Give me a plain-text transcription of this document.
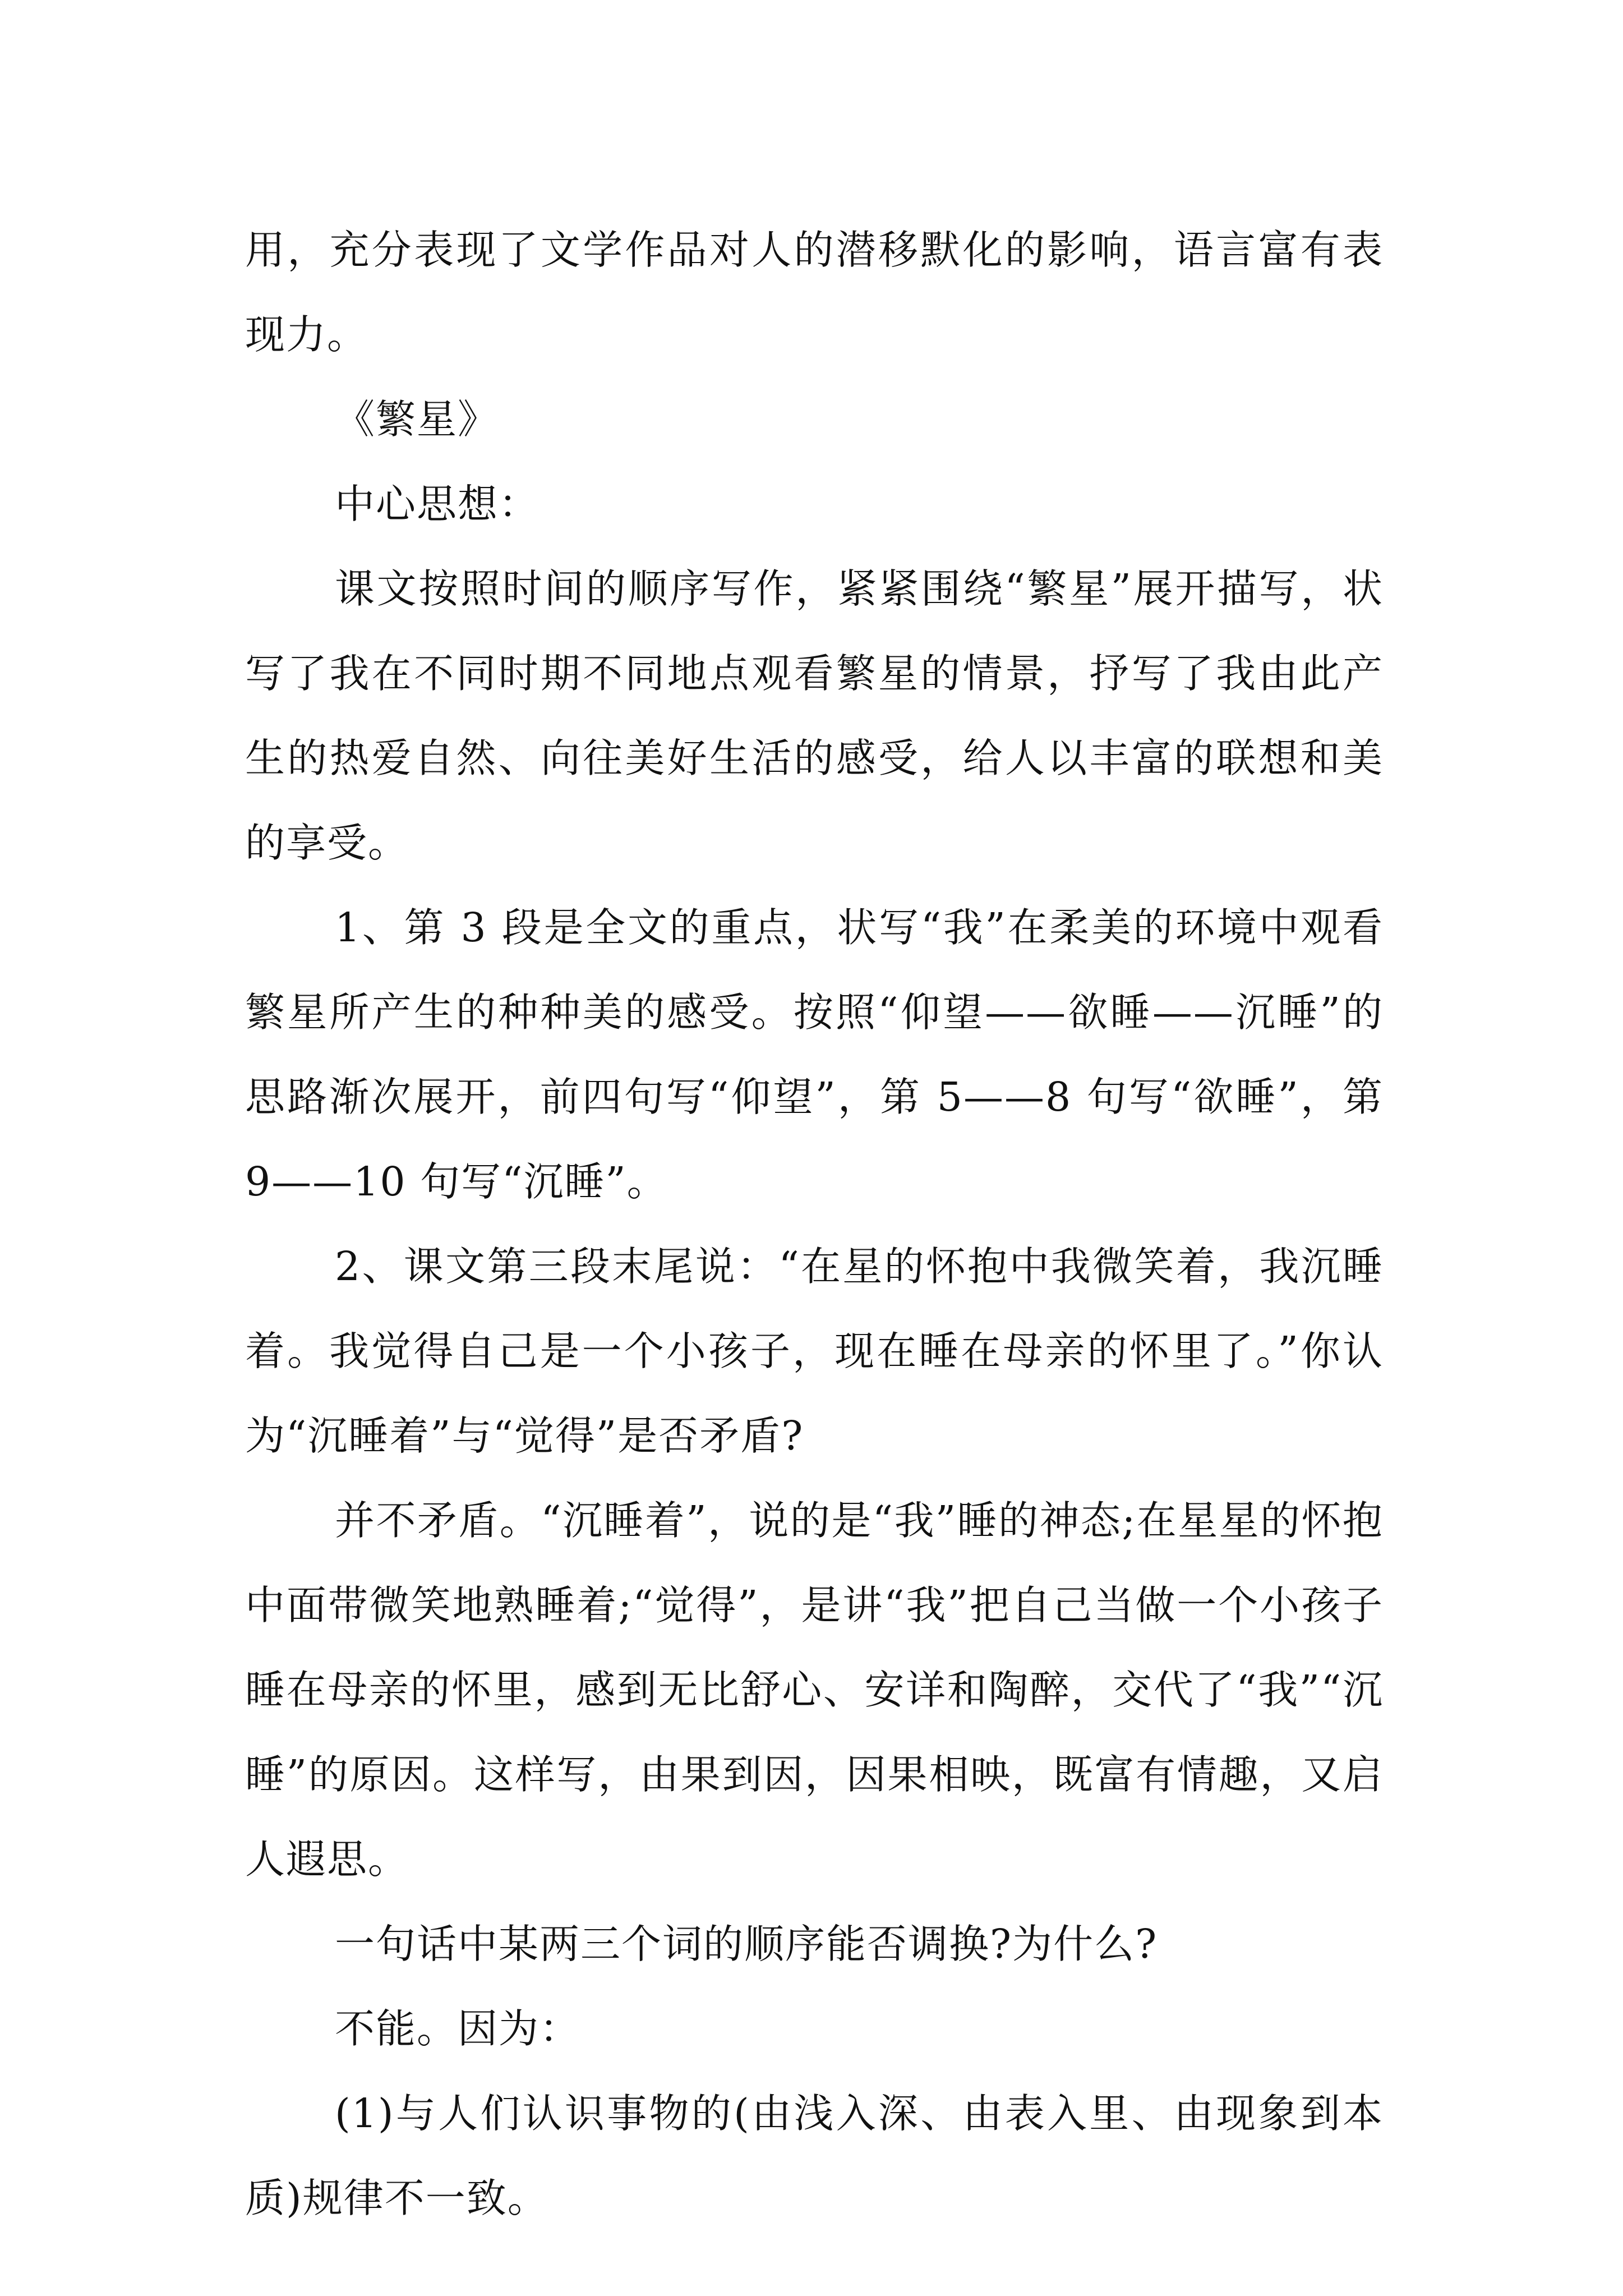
用，充分表现了文学作品对人的潜移默化的影响，语言富有表现力。

《繁星》

中心思想：

课文按照时间的顺序写作，紧紧围绕“繁星”展开描写，状写了我在不同时期不同地点观看繁星的情景，抒写了我由此产生的热爱自然、向往美好生活的感受，给人以丰富的联想和美的享受。

1、第 3 段是全文的重点，状写“我”在柔美的环境中观看繁星所产生的种种美的感受。按照“仰望——欲睡——沉睡”的思路渐次展开，前四句写“仰望”，第 5——8 句写“欲睡”，第 9——10 句写“沉睡”。

2、课文第三段末尾说：“在星的怀抱中我微笑着，我沉睡着。我觉得自己是一个小孩子，现在睡在母亲的怀里了。”你认为“沉睡着”与“觉得”是否矛盾?

并不矛盾。“沉睡着”，说的是“我”睡的神态;在星星的怀抱中面带微笑地熟睡着;“觉得”，是讲“我”把自己当做一个小孩子睡在母亲的怀里，感到无比舒心、安详和陶醉，交代了“我”“沉睡”的原因。这样写，由果到因，因果相映，既富有情趣，又启人遐思。

一句话中某两三个词的顺序能否调换?为什么?

不能。因为：

(1)与人们认识事物的(由浅入深、由表入里、由现象到本质)规律不一致。
